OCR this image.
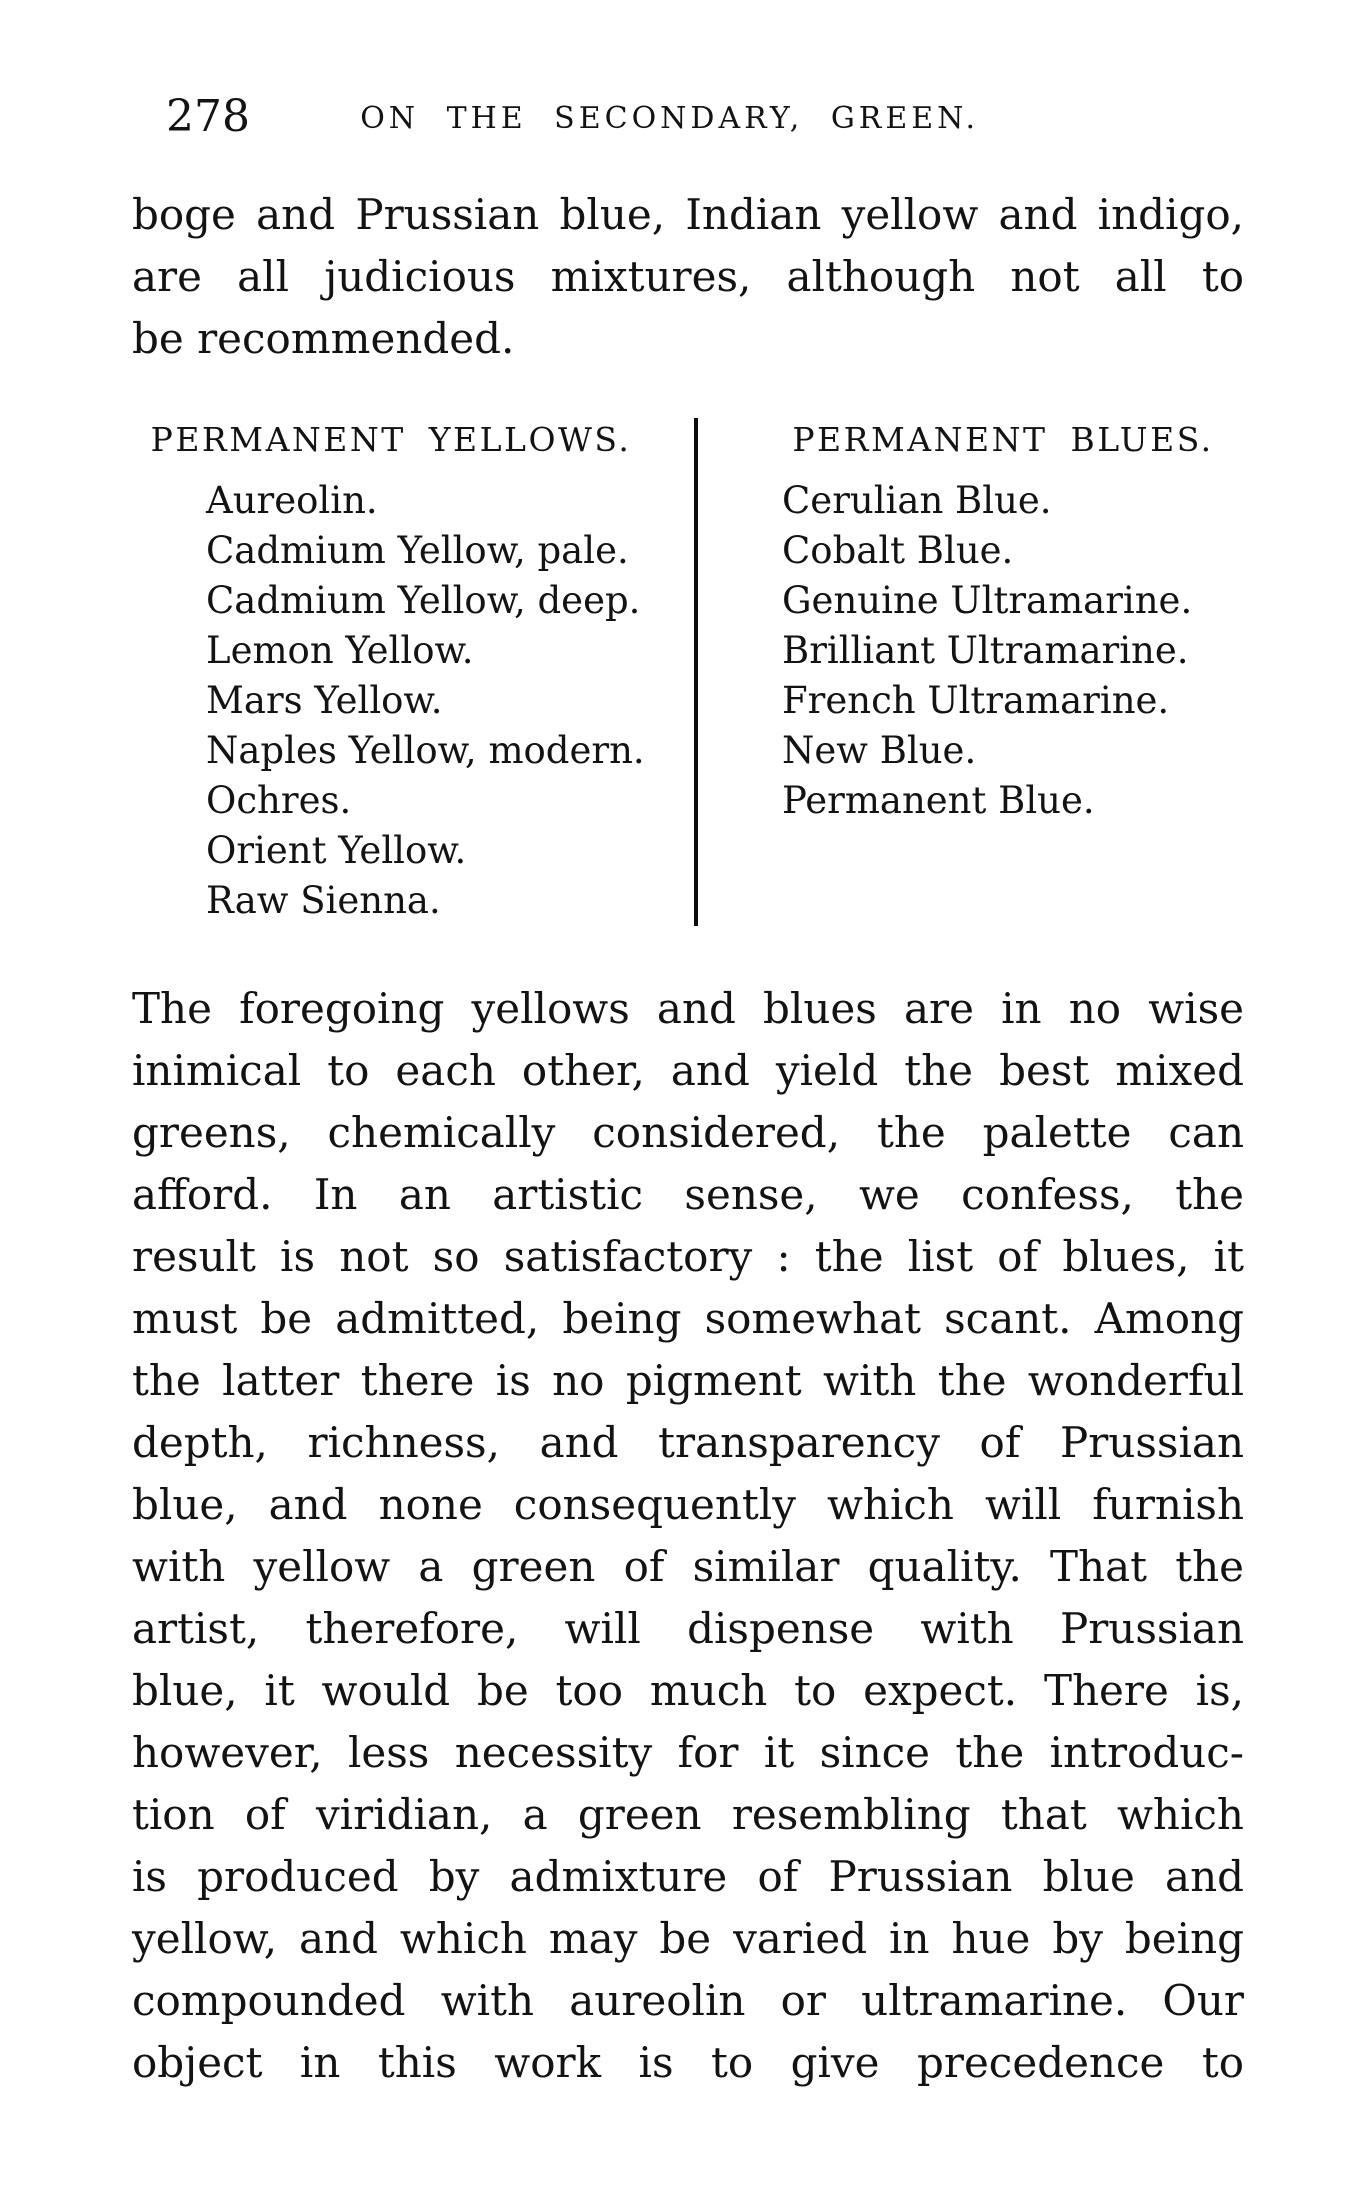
278	ON THE SECONDARY, GREEN.
boge and Prussian blue, Indian yellow and indigo,
are all judicious mixtures, although not all to
be recommended.
PERMANENT YELLOWS.
Aureolin.
Cadmium Yellow, pale.
Cadmium Yellow, deep.
Lemon Yellow.
Mars Yellow.
Naples Yellow, modern.
Ochres.
Orient Yellow.
Raw Sienna.
PERMANENT BLUES.
Cerulian Blue.
Cobalt Blue.
Genuine Ultramarine.
Brilliant Ultramarine.
French Ultramarine.
New Blue.
Permanent Blue.
The foregoing yellows and blues are in no wise
inimical to each other, and yield the best mixed
greens, chemically considered, the palette can
afford. In an artistic sense, we confess, the
result is not so satisfactory : the list of blues, it
must be admitted, being somewhat scant. Among
the latter there is no pigment with the wonderful
depth, richness, and transparency of Prussian
blue, and none consequently which will furnish
with yellow a green of similar quality. That the
artist, therefore, will dispense with Prussian
blue, it would be too much to expect. There is,
however, less necessity for it since the introduc-
tion of viridian, a green resembling that which
is produced by admixture of Prussian blue and
yellow, and which may be varied in hue by being
compounded with aureolin or ultramarine. Our
object in this work is to give precedence to
